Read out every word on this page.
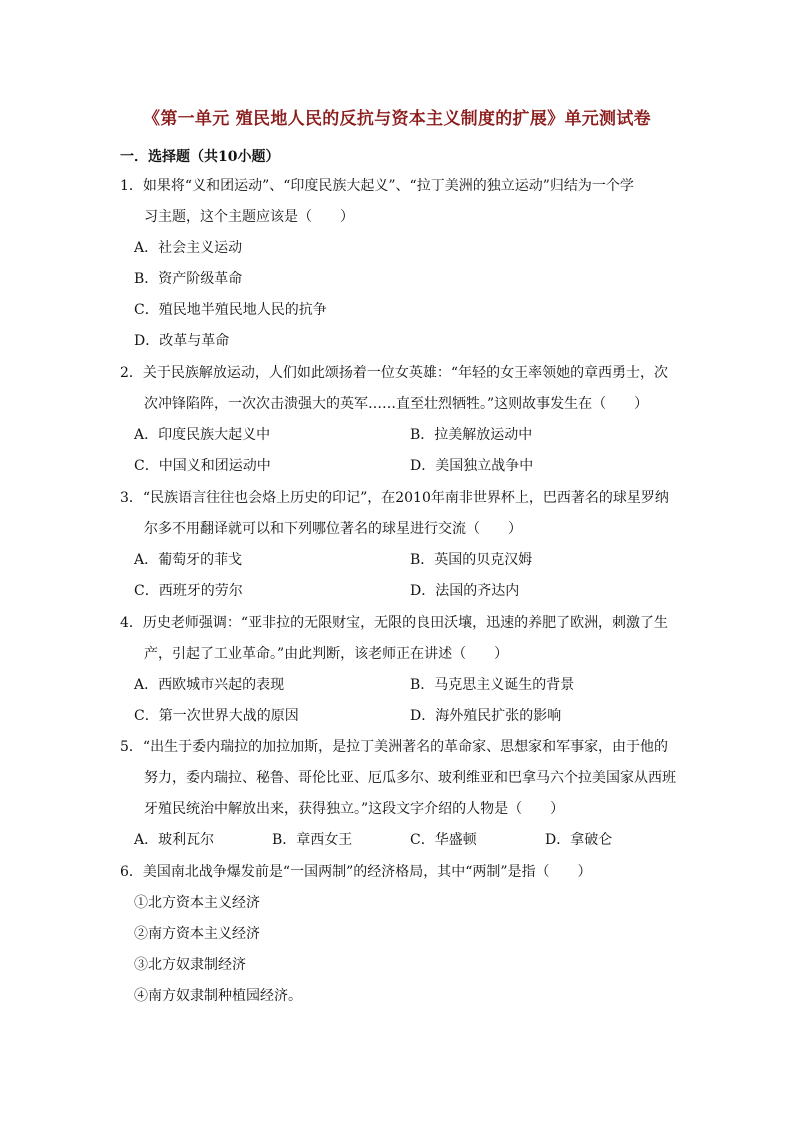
《第一单元 殖民地人民的反抗与资本主义制度的扩展》单元测试卷
一．选择题（共10小题）
1．如果将“义和团运动”、“印度民族大起义”、“拉丁美洲的独立运动”归结为一个学
习主题，这个主题应该是（　　）
A．社会主义运动
B．资产阶级革命
C．殖民地半殖民地人民的抗争
D．改革与革命
2．关于民族解放运动，人们如此颂扬着一位女英雄：“年轻的女王率领她的章西勇士，次
次冲锋陷阵，一次次击溃强大的英军……直至壮烈牺牲。”这则故事发生在（　　）
A．印度民族大起义中	B．拉美解放运动中
C．中国义和团运动中	D．美国独立战争中
3．“民族语言往往也会烙上历史的印记”，在2010年南非世界杯上，巴西著名的球星罗纳
尔多不用翻译就可以和下列哪位著名的球星进行交流（　　）
A．葡萄牙的菲戈	B．英国的贝克汉姆
C．西班牙的劳尔	D．法国的齐达内
4．历史老师强调：“亚非拉的无限财宝，无限的良田沃壤，迅速的养肥了欧洲，刺激了生
产，引起了工业革命。”由此判断，该老师正在讲述（　　）
A．西欧城市兴起的表现	B．马克思主义诞生的背景
C．第一次世界大战的原因	D．海外殖民扩张的影响
5．“出生于委内瑞拉的加拉加斯，是拉丁美洲著名的革命家、思想家和军事家，由于他的
努力，委内瑞拉、秘鲁、哥伦比亚、厄瓜多尔、玻利维亚和巴拿马六个拉美国家从西班
牙殖民统治中解放出来，获得独立。”这段文字介绍的人物是（　　）
A．玻利瓦尔	B．章西女王	C．华盛顿	D．拿破仑
6．美国南北战争爆发前是“一国两制”的经济格局，其中“两制”是指（　　）
①北方资本主义经济
②南方资本主义经济
③北方奴隶制经济
④南方奴隶制种植园经济。
